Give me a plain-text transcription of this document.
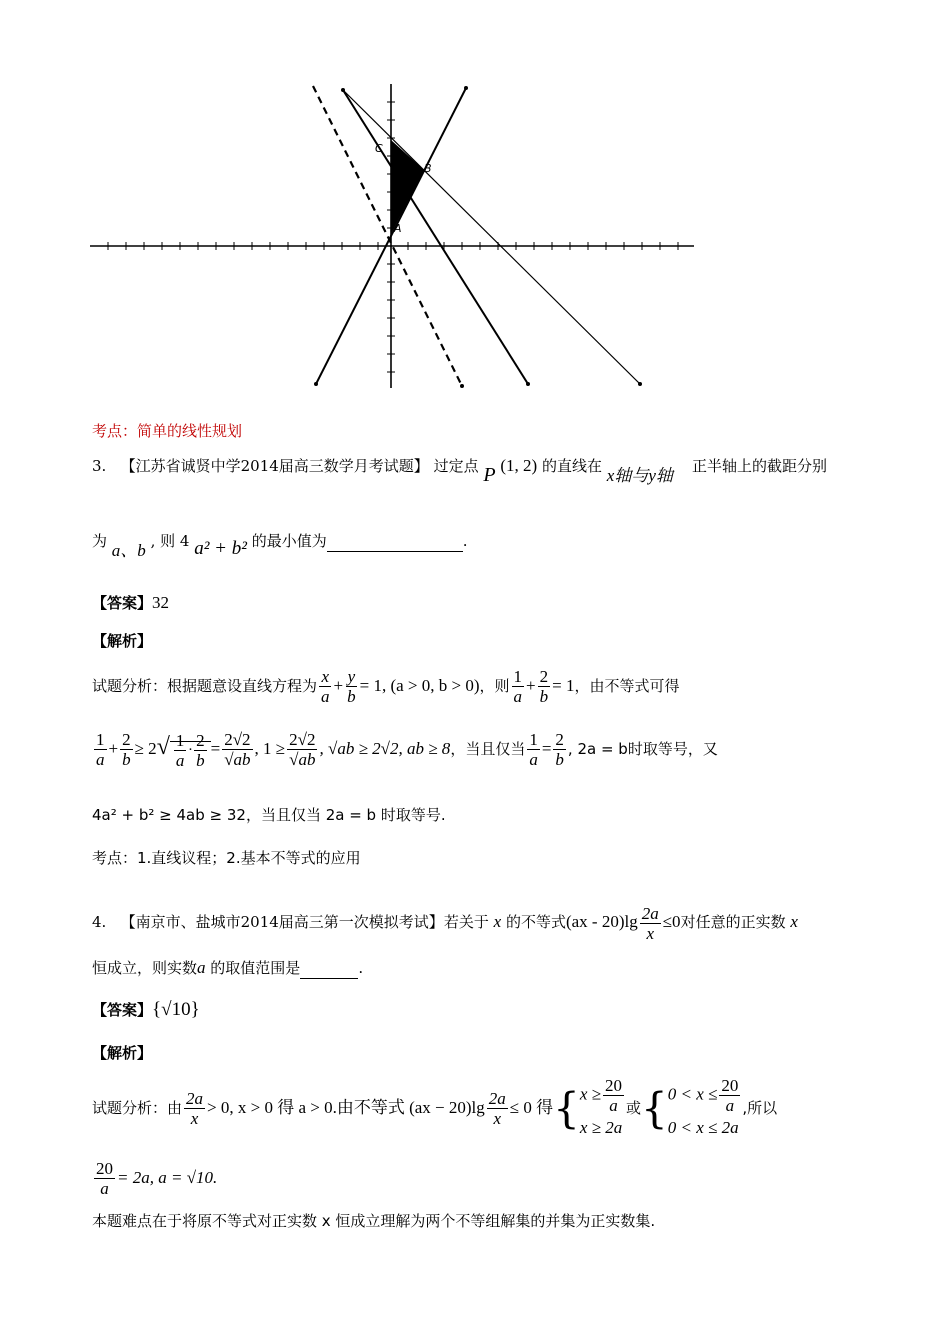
C
B
A
考点：简单的线性规划
3. 【江苏省诚贤中学2014届高三数学月考试题】 过定点 P (1, 2) 的直线在 x轴与y轴 正半轴上的截距分别
为 a、b , 则 4 a² + b² 的最小值为	.
【答案】32
【解析】
试题分析：根据题意设直线方程为 $\frac{x}{a} + \frac{y}{b} = 1$, (a > 0, b > 0)，则 $\frac{1}{a} + \frac{2}{b} = 1$，由不等式可得
$\frac{1}{a} + \frac{2}{b} \ge 2√ \frac{1}{a} \cdot \frac{2}{b} = \frac{2√2}{√ab}$ , $1 \ge \frac{2√2}{√ab}$ , √ab ≥ 2√2, ab ≥ 8，当且仅当 $\frac{1}{a} = \frac{2}{b}$ , 2a = b时取等号，又
4a² + b² ≥ 4ab ≥ 32，当且仅当 2a = b 时取等号.
考点：1.直线议程；2.基本不等式的应用
4. 【南京市、盐城市2014届高三第一次模拟考试】若关于 x 的不等式$(ax - 20)\lg \frac{2a}{x} \le 0$对任意的正实数 x
恒成立，则实数a 的取值范围是	.
【答案】{√10}
【解析】
试题分析：由 $\frac{2a}{x} > 0$, x > 0 得 a > 0.由不等式 $(ax - 20)\lg \frac{2a}{x} \le 0$ 得{ $x \ge \frac{20}{a}$
x ≥ 2a
或{ $0 < x \le \frac{20}{a}$
0 < x ≤ 2a
,所以
$\frac{20}{a} = 2a$, a = √10.
本题难点在于将原不等式对正实数 x 恒成立理解为两个不等组解集的并集为正实数集.
